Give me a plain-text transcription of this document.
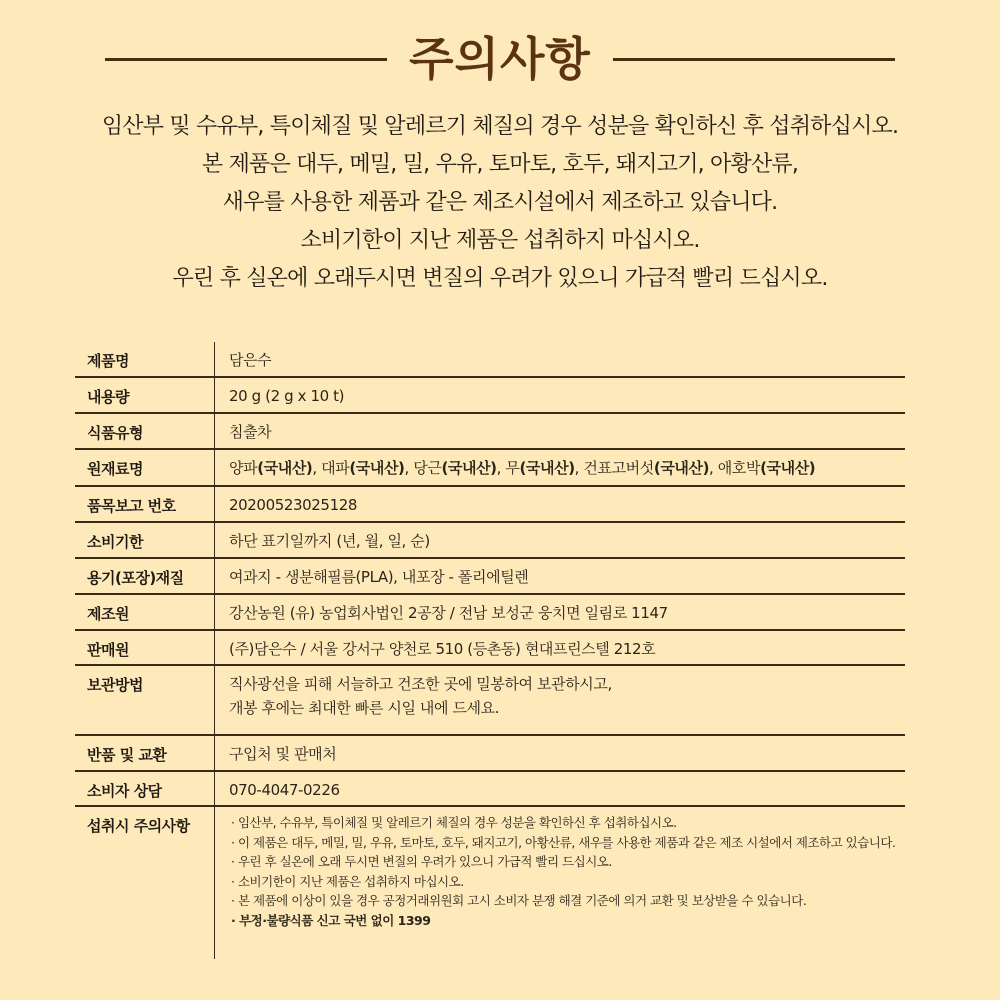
주의사항

임산부 및 수유부, 특이체질 및 알레르기 체질의 경우 성분을 확인하신 후 섭취하십시오.

본 제품은 대두, 메밀, 밀, 우유, 토마토, 호두, 돼지고기, 아황산류,

새우를 사용한 제품과 같은 제조시설에서 제조하고 있습니다.

소비기한이 지난 제품은 섭취하지 마십시오.

우린 후 실온에 오래두시면 변질의 우려가 있으니 가급적 빨리 드십시오.

제품명	담은수
내용량	20 g (2 g x 10 t)
식품유형	침출차
원재료명	양파(국내산), 대파(국내산), 당근(국내산), 무(국내산), 건표고버섯(국내산), 애호박(국내산)
품목보고 번호	20200523025128
소비기한	하단 표기일까지 (년, 월, 일, 순)
용기(포장)재질	여과지 - 생분해필름(PLA), 내포장 - 폴리에틸렌
제조원	강산농원 (유) 농업회사법인 2공장 / 전남 보성군 웅치면 일림로 1147
판매원	(주)담은수 / 서울 강서구 양천로 510 (등촌동) 현대프린스텔 212호
보관방법	직사광선을 피해 서늘하고 건조한 곳에 밀봉하여 보관하시고,
개봉 후에는 최대한 빠른 시일 내에 드세요.
반품 및 교환	구입처 및 판매처
소비자 상담	070-4047-0226
섭취시 주의사항	· 임산부, 수유부, 특이체질 및 알레르기 체질의 경우 성분을 확인하신 후 섭취하십시오.
· 이 제품은 대두, 메밀, 밀, 우유, 토마토, 호두, 돼지고기, 아황산류, 새우를 사용한 제품과 같은 제조 시설에서 제조하고 있습니다.
· 우린 후 실온에 오래 두시면 변질의 우려가 있으니 가급적 빨리 드십시오.
· 소비기한이 지난 제품은 섭취하지 마십시오.
· 본 제품에 이상이 있을 경우 공정거래위원회 고시 소비자 분쟁 해결 기준에 의거 교환 및 보상받을 수 있습니다.
· 부정·불량식품 신고 국번 없이 1399
